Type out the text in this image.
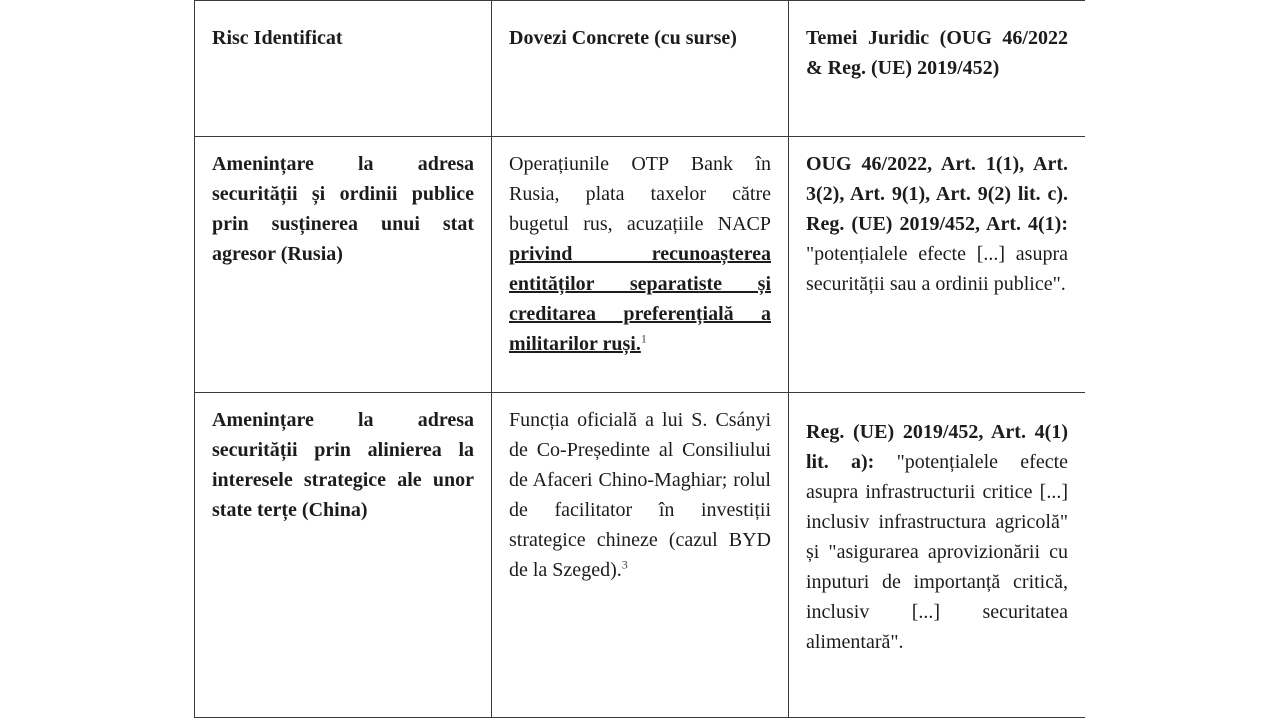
Risc Identificat	Dovezi Concrete (cu surse)	Temei Juridic (OUG 46/2022 & Reg. (UE) 2019/452)
Amenințare la adresa securității și ordinii publice prin susținerea unui stat agresor (Rusia)	Operațiunile OTP Bank în Rusia, plata taxelor către bugetul rus, acuzațiile NACP privind recunoașterea entităților separatiste și creditarea preferențială a militarilor ruși.$^1$	OUG 46/2022, Art. 1(1), Art. 3(2), Art. 9(1), Art. 9(2) lit. c). Reg. (UE) 2019/452, Art. 4(1): "potențialele efecte [...] asupra securității sau a ordinii publice".
Amenințare la adresa securității prin alinierea la interesele strategice ale unor state terțe (China)	Funcția oficială a lui S. Csányi de Co-Președinte al Consiliului de Afaceri Chino-Maghiar; rolul de facilitator în investiții strategice chineze (cazul BYD de la Szeged).$^3$	Reg. (UE) 2019/452, Art. 4(1) lit. a): "potențialele efecte asupra infrastructurii critice [...] inclusiv infrastructura agricolă" și "asigurarea aprovizionării cu inputuri de importanță critică, inclusiv [...] securitatea alimentară".
